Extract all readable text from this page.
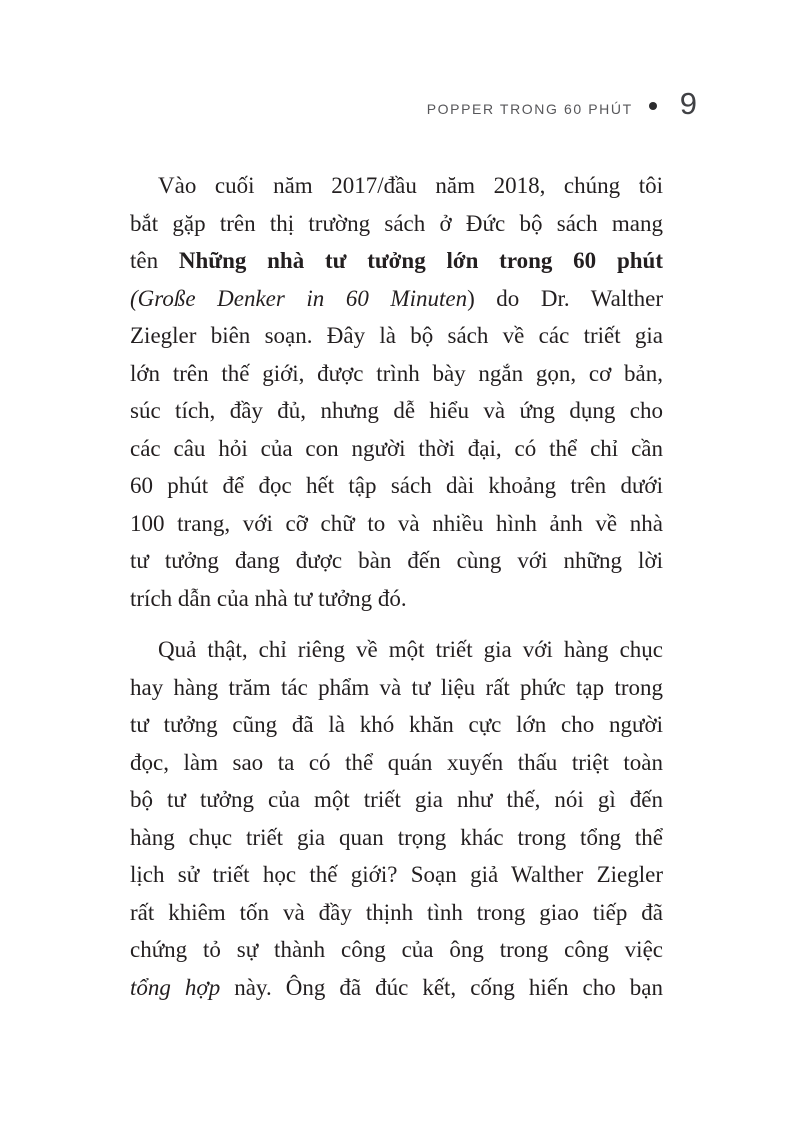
POPPER TRONG 60 PHÚT 9
Vào cuối năm 2017/đầu năm 2018, chúng tôi
bắt gặp trên thị trường sách ở Đức bộ sách mang
tên Những nhà tư tưởng lớn trong 60 phút
(Große Denker in 60 Minuten) do Dr. Walther
Ziegler biên soạn. Đây là bộ sách về các triết gia
lớn trên thế giới, được trình bày ngắn gọn, cơ bản,
súc tích, đầy đủ, nhưng dễ hiểu và ứng dụng cho
các câu hỏi của con người thời đại, có thể chỉ cần
60 phút để đọc hết tập sách dài khoảng trên dưới
100 trang, với cỡ chữ to và nhiều hình ảnh về nhà
tư tưởng đang được bàn đến cùng với những lời
trích dẫn của nhà tư tưởng đó.
Quả thật, chỉ riêng về một triết gia với hàng chục
hay hàng trăm tác phẩm và tư liệu rất phức tạp trong
tư tưởng cũng đã là khó khăn cực lớn cho người
đọc, làm sao ta có thể quán xuyến thấu triệt toàn
bộ tư tưởng của một triết gia như thế, nói gì đến
hàng chục triết gia quan trọng khác trong tổng thể
lịch sử triết học thế giới? Soạn giả Walther Ziegler
rất khiêm tốn và đầy thịnh tình trong giao tiếp đã
chứng tỏ sự thành công của ông trong công việc
tổng hợp này. Ông đã đúc kết, cống hiến cho bạn
